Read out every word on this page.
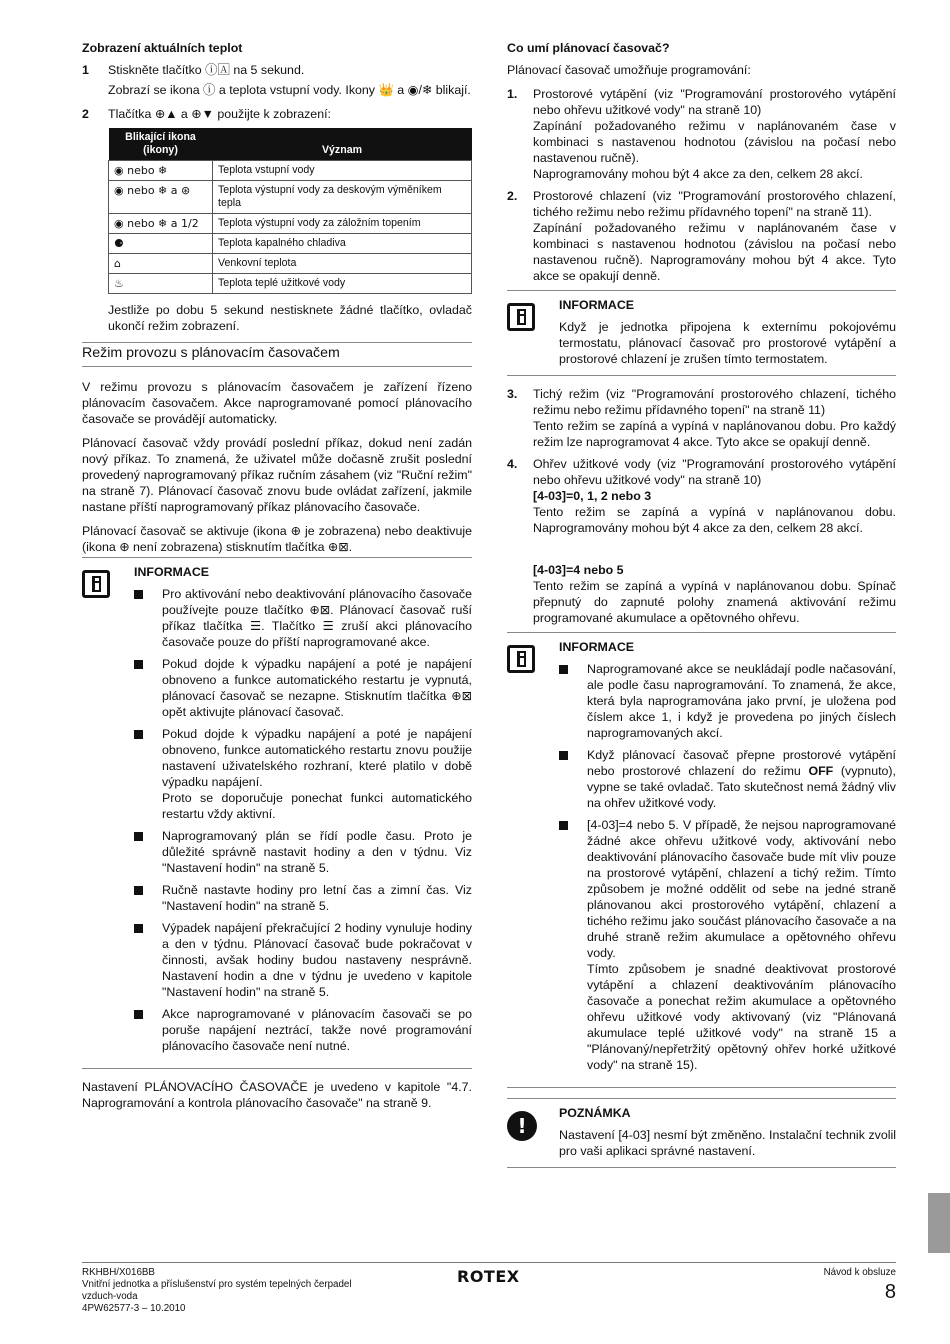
Zobrazení aktuálních teplot
1	Stiskněte tlačítko ⓘ🄰 na 5 sekund.
Zobrazí se ikona ⓘ a teplota vstupní vody. Ikony 👑 a ◉/❄ blikají.
2	Tlačítka ⊕▲ a ⊕▼ použijte k zobrazení:
Blikající ikona (ikony)	Význam
◉ nebo ❄	Teplota vstupní vody
◉ nebo ❄ a ⊛	Teplota výstupní vody za deskovým výměníkem tepla
◉ nebo ❄ a 1/2	Teplota výstupní vody za záložním topením
⚈	Teplota kapalného chladiva
⌂	Venkovní teplota
♨	Teplota teplé užitkové vody
Jestliže po dobu 5 sekund nestisknete žádné tlačítko, ovladač ukončí režim zobrazení.
Režim provozu s plánovacím časovačem
V režimu provozu s plánovacím časovačem je zařízení řízeno plánovacím časovačem. Akce naprogramované pomocí plánovacího časovače se provádějí automaticky.
Plánovací časovač vždy provádí poslední příkaz, dokud není zadán nový příkaz. To znamená, že uživatel může dočasně zrušit poslední provedený naprogramovaný příkaz ručním zásahem (viz "Ruční režim" na straně 7). Plánovací časovač znovu bude ovládat zařízení, jakmile nastane příští naprogramovaný příkaz plánovacího časovače.
Plánovací časovač se aktivuje (ikona ⊕ je zobrazena) nebo deaktivuje (ikona ⊕ není zobrazena) stisknutím tlačítka ⊕⊠.
INFORMACE
Pro aktivování nebo deaktivování plánovacího časovače používejte pouze tlačítko ⊕⊠. Plánovací časovač ruší příkaz tlačítka ☰. Tlačítko ☰ zruší akci plánovacího časovače pouze do příští naprogramované akce.
Pokud dojde k výpadku napájení a poté je napájení obnoveno a funkce automatického restartu je vypnutá, plánovací časovač se nezapne. Stisknutím tlačítka ⊕⊠ opět aktivujte plánovací časovač.
Pokud dojde k výpadku napájení a poté je napájení obnoveno, funkce automatického restartu znovu použije nastavení uživatelského rozhraní, které platilo v době výpadku napájení.
Proto se doporučuje ponechat funkci automatického restartu vždy aktivní.
Naprogramovaný plán se řídí podle času. Proto je důležité správně nastavit hodiny a den v týdnu. Viz "Nastavení hodin" na straně 5.
Ručně nastavte hodiny pro letní čas a zimní čas. Viz "Nastavení hodin" na straně 5.
Výpadek napájení překračující 2 hodiny vynuluje hodiny a den v týdnu. Plánovací časovač bude pokračovat v činnosti, avšak hodiny budou nastaveny nesprávně. Nastavení hodin a dne v týdnu je uvedeno v kapitole "Nastavení hodin" na straně 5.
Akce naprogramované v plánovacím časovači se po poruše napájení neztrácí, takže nové programování plánovacího časovače není nutné.
Nastavení PLÁNOVACÍHO ČASOVAČE je uvedeno v kapitole "4.7. Naprogramování a kontrola plánovacího časovače" na straně 9.
Co umí plánovací časovač?
Plánovací časovač umožňuje programování:
1.	Prostorové vytápění (viz "Programování prostorového vytápění nebo ohřevu užitkové vody" na straně 10)
Zapínání požadovaného režimu v naplánovaném čase v kombinaci s nastavenou hodnotou (závislou na počasí nebo nastavenou ručně).
Naprogramovány mohou být 4 akce za den, celkem 28 akcí.
2.	Prostorové chlazení (viz "Programování prostorového chlazení, tichého režimu nebo režimu přídavného topení" na straně 11).
Zapínání požadovaného režimu v naplánovaném čase v kombinaci s nastavenou hodnotou (závislou na počasí nebo nastavenou ručně). Naprogramovány mohou být 4 akce. Tyto akce se opakují denně.
INFORMACE
Když je jednotka připojena k externímu pokojovému termostatu, plánovací časovač pro prostorové vytápění a prostorové chlazení je zrušen tímto termostatem.
3.	Tichý režim (viz "Programování prostorového chlazení, tichého režimu nebo režimu přídavného topení" na straně 11)
Tento režim se zapíná a vypíná v naplánovanou dobu. Pro každý režim lze naprogramovat 4 akce. Tyto akce se opakují denně.
4.	Ohřev užitkové vody (viz "Programování prostorového vytápění nebo ohřevu užitkové vody" na straně 10)
[4-03]=0, 1, 2 nebo 3
Tento režim se zapíná a vypíná v naplánovanou dobu. Naprogramovány mohou být 4 akce za den, celkem 28 akcí.
[4-03]=4 nebo 5
Tento režim se zapíná a vypíná v naplánovanou dobu. Spínač přepnutý do zapnuté polohy znamená aktivování režimu programované akumulace a opětovného ohřevu.
INFORMACE
Naprogramované akce se neukládají podle načasování, ale podle času naprogramování. To znamená, že akce, která byla naprogramována jako první, je uložena pod číslem akce 1, i když je provedena po jiných číslech naprogramovaných akcí.
Když plánovací časovač přepne prostorové vytápění nebo prostorové chlazení do režimu OFF (vypnuto), vypne se také ovladač. Tato skutečnost nemá žádný vliv na ohřev užitkové vody.
[4-03]=4 nebo 5. V případě, že nejsou naprogramované žádné akce ohřevu užitkové vody, aktivování nebo deaktivování plánovacího časovače bude mít vliv pouze na prostorové vytápění, chlazení a tichý režim. Tímto způsobem je možné oddělit od sebe na jedné straně plánovanou akci prostorového vytápění, chlazení a tichého režimu jako součást plánovacího časovače a na druhé straně režim akumulace a opětovného ohřevu vody.
Tímto způsobem je snadné deaktivovat prostorové vytápění a chlazení deaktivováním plánovacího časovače a ponechat režim akumulace a opětovného ohřevu užitkové vody aktivovaný (viz "Plánovaná akumulace teplé užitkové vody" na straně 15 a "Plánovaný/nepřetržitý opětovný ohřev horké užitkové vody" na straně 15).
!
POZNÁMKA
Nastavení [4-03] nesmí být změněno. Instalační technik zvolil pro vaši aplikaci správné nastavení.
RKHBH/X016BB
Vnitřní jednotka a příslušenství pro systém tepelných čerpadel
vzduch-voda
4PW62577-3 – 10.2010
ROTEX	Návod k obsluze
8
